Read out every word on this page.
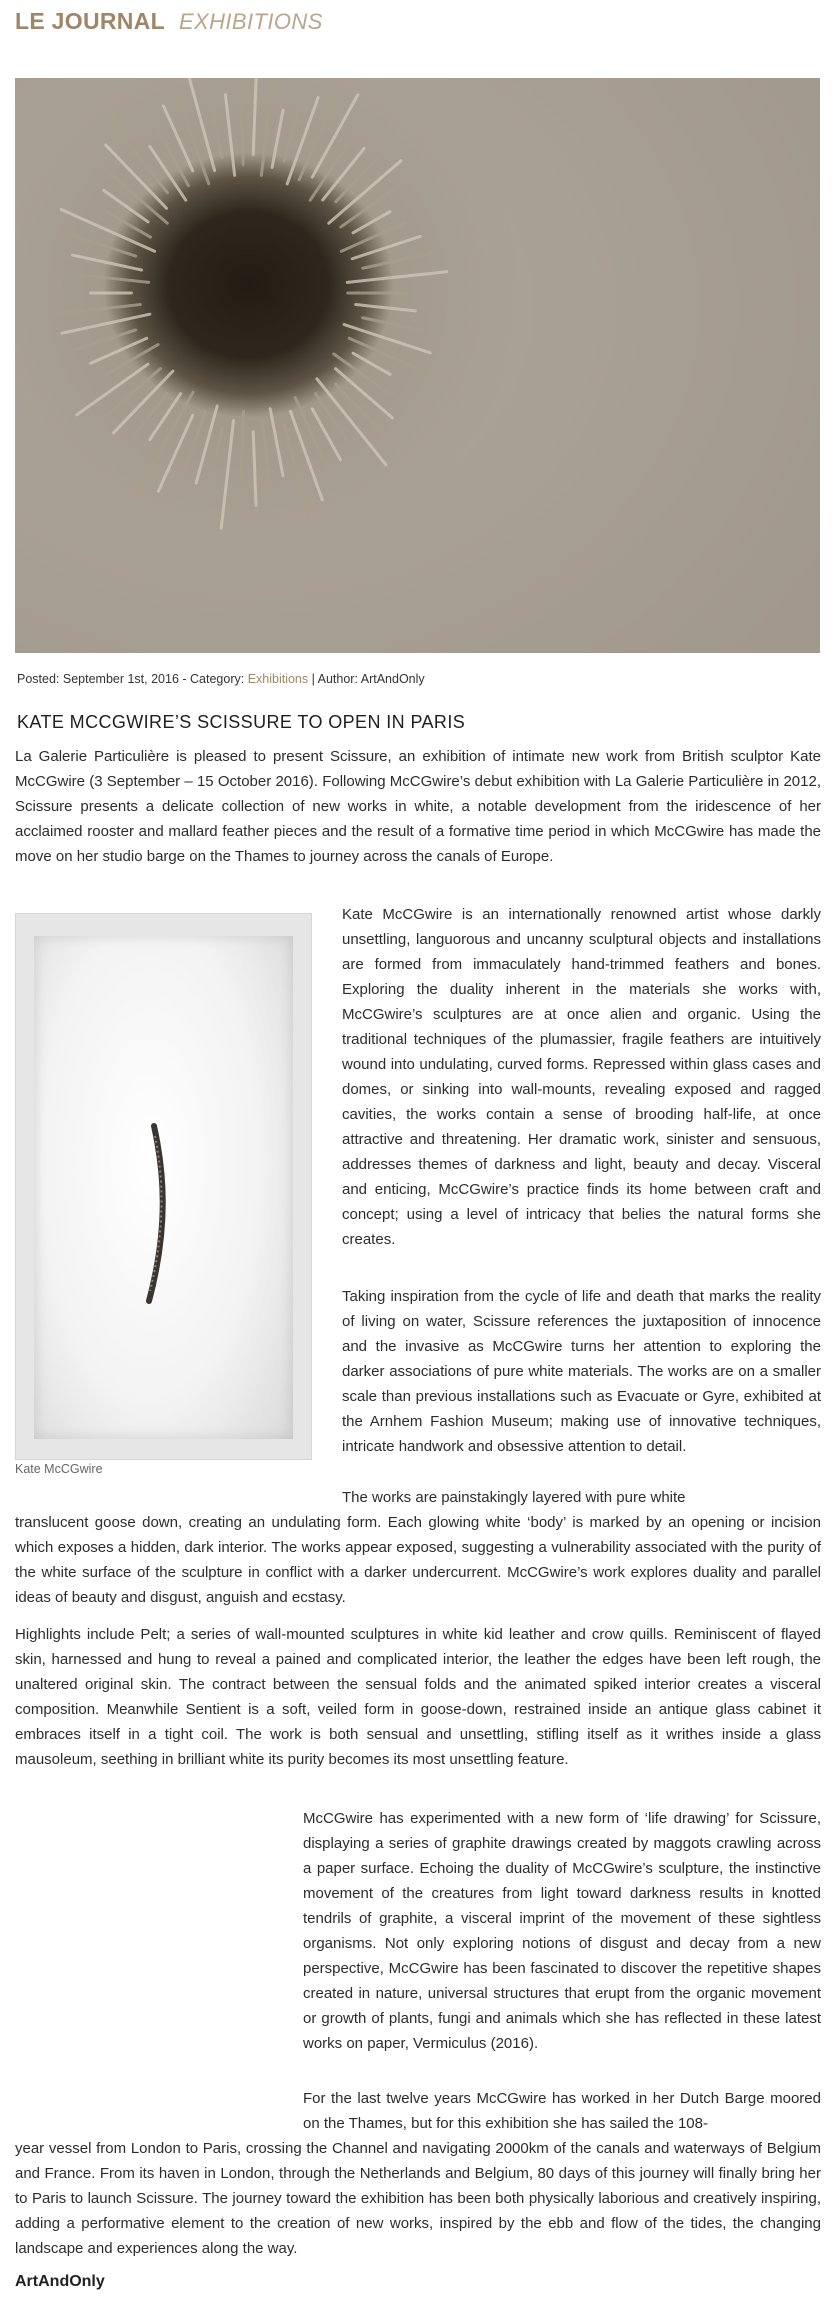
LE JOURNAL EXHIBITIONS
Posted: September 1st, 2016 - Category: Exhibitions | Author: ArtAndOnly
KATE MCCGWIRE’S SCISSURE TO OPEN IN PARIS

La Galerie Particulière is pleased to present Scissure, an exhibition of intimate new work from British sculptor Kate McCGwire (3 September – 15 October 2016). Following McCGwire’s debut exhibition with La Galerie Particulière in 2012, Scissure presents a delicate collection of new works in white, a notable development from the iridescence of her acclaimed rooster and mallard feather pieces and the result of a formative time period in which McCGwire has made the move on her studio barge on the Thames to journey across the canals of Europe.

Kate McCGwire

Kate McCGwire is an internationally renowned artist whose darkly unsettling, languorous and uncanny sculptural objects and installations are formed from immaculately hand-trimmed feathers and bones. Exploring the duality inherent in the materials she works with, McCGwire’s sculptures are at once alien and organic. Using the traditional techniques of the plumassier, fragile feathers are intuitively wound into undulating, curved forms. Repressed within glass cases and domes, or sinking into wall-mounts, revealing exposed and ragged cavities, the works contain a sense of brooding half-life, at once attractive and threatening. Her dramatic work, sinister and sensuous, addresses themes of darkness and light, beauty and decay. Visceral and enticing, McCGwire’s practice finds its home between craft and concept; using a level of intricacy that belies the natural forms she creates.

Taking inspiration from the cycle of life and death that marks the reality of living on water, Scissure references the juxtaposition of innocence and the invasive as McCGwire turns her attention to exploring the darker associations of pure white materials. The works are on a smaller scale than previous installations such as Evacuate or Gyre, exhibited at the Arnhem Fashion Museum; making use of innovative techniques, intricate handwork and obsessive attention to detail.

The works are painstakingly layered with pure white

translucent goose down, creating an undulating form. Each glowing white ‘body’ is marked by an opening or incision which exposes a hidden, dark interior. The works appear exposed, suggesting a vulnerability associated with the purity of the white surface of the sculpture in conflict with a darker undercurrent. McCGwire’s work explores duality and parallel ideas of beauty and disgust, anguish and ecstasy.

Highlights include Pelt; a series of wall-mounted sculptures in white kid leather and crow quills. Reminiscent of flayed skin, harnessed and hung to reveal a pained and complicated interior, the leather the edges have been left rough, the unaltered original skin. The contract between the sensual folds and the animated spiked interior creates a visceral composition. Meanwhile Sentient is a soft, veiled form in goose-down, restrained inside an antique glass cabinet it embraces itself in a tight coil. The work is both sensual and unsettling, stifling itself as it writhes inside a glass mausoleum, seething in brilliant white its purity becomes its most unsettling feature.

McCGwire has experimented with a new form of ‘life drawing’ for Scissure, displaying a series of graphite drawings created by maggots crawling across a paper surface. Echoing the duality of McCGwire’s sculpture, the instinctive movement of the creatures from light toward darkness results in knotted tendrils of graphite, a visceral imprint of the movement of these sightless organisms. Not only exploring notions of disgust and decay from a new perspective, McCGwire has been fascinated to discover the repetitive shapes created in nature, universal structures that erupt from the organic movement or growth of plants, fungi and animals which she has reflected in these latest works on paper, Vermiculus (2016).

For the last twelve years McCGwire has worked in her Dutch Barge moored on the Thames, but for this exhibition she has sailed the 108-

year vessel from London to Paris, crossing the Channel and navigating 2000km of the canals and waterways of Belgium and France. From its haven in London, through the Netherlands and Belgium, 80 days of this journey will finally bring her to Paris to launch Scissure. The journey toward the exhibition has been both physically laborious and creatively inspiring, adding a performative element to the creation of new works, inspired by the ebb and flow of the tides, the changing landscape and experiences along the way.

ArtAndOnly
